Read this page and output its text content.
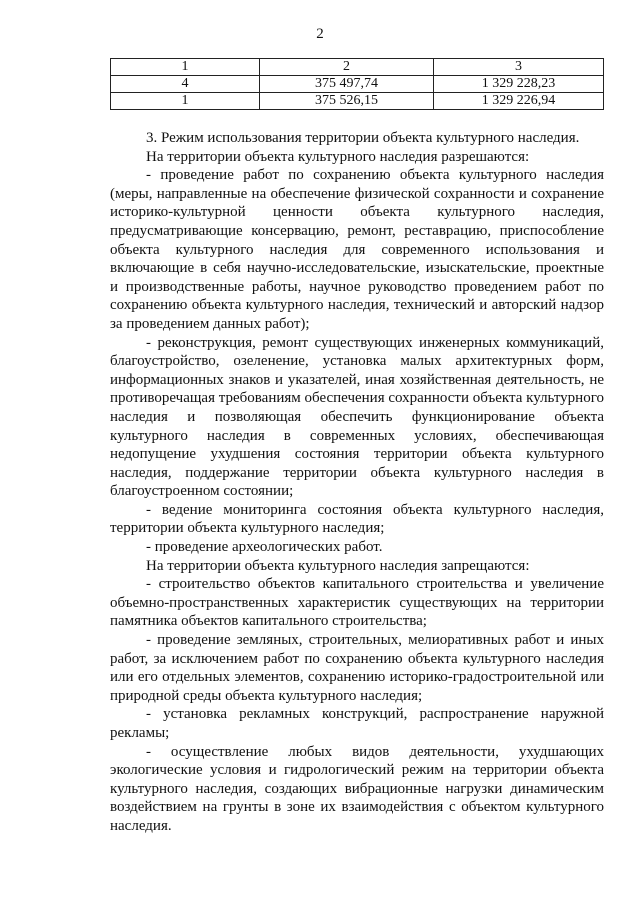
2
1	2	3
4	375 497,74	1 329 228,23
1	375 526,15	1 329 226,94

3. Режим использования территории объекта культурного наследия.

На территории объекта культурного наследия разрешаются:

- проведение работ по сохранению объекта культурного наследия (меры, направленные на обеспечение физической сохранности и сохранение историко-культурной ценности объекта культурного наследия, предусматривающие консервацию, ремонт, реставрацию, приспособление объекта культурного наследия для современного использования и включающие в себя научно-исследовательские, изыскательские, проектные и производственные работы, научное руководство проведением работ по сохранению объекта культурного наследия, технический и авторский надзор за проведением данных работ);

- реконструкция, ремонт существующих инженерных коммуникаций, благоустройство, озеленение, установка малых архитектурных форм, информационных знаков и указателей, иная хозяйственная деятельность, не противоречащая требованиям обеспечения сохранности объекта культурного наследия и позволяющая обеспечить функционирование объекта культурного наследия в современных условиях, обеспечивающая недопущение ухудшения состояния территории объекта культурного наследия, поддержание территории объекта культурного наследия в благоустроенном состоянии;

- ведение мониторинга состояния объекта культурного наследия, территории объекта культурного наследия;

- проведение археологических работ.

На территории объекта культурного наследия запрещаются:

- строительство объектов капитального строительства и увеличение объемно-пространственных характеристик существующих на территории памятника объектов капитального строительства;

- проведение земляных, строительных, мелиоративных работ и иных работ, за исключением работ по сохранению объекта культурного наследия или его отдельных элементов, сохранению историко-градостроительной или природной среды объекта культурного наследия;

- установка рекламных конструкций, распространение наружной рекламы;

- осуществление любых видов деятельности, ухудшающих экологические условия и гидрологический режим на территории объекта культурного наследия, создающих вибрационные нагрузки динамическим воздействием на грунты в зоне их взаимодействия с объектом культурного наследия.
